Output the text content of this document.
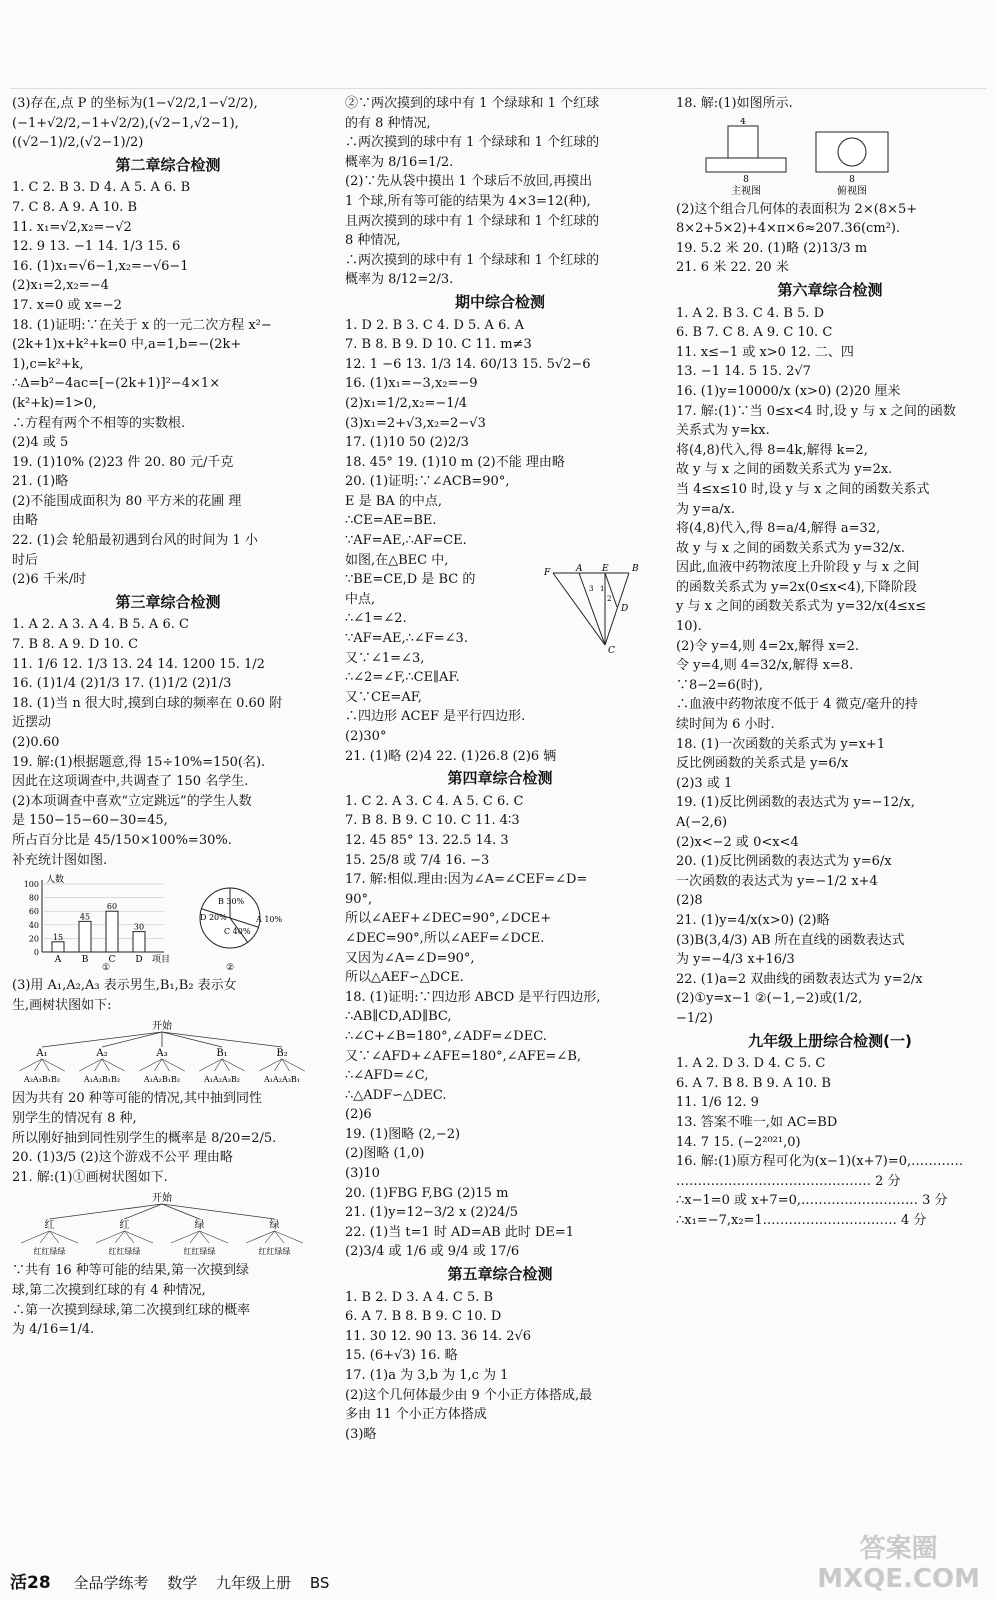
(3)存在,点 P 的坐标为(1−√2/2,1−√2/2),
(−1+√2/2,−1+√2/2),(√2−1,√2−1),
((√2−1)/2,(√2−1)/2)
第二章综合检测
1. C 2. B 3. D 4. A 5. A 6. B
7. C 8. A 9. A 10. B
11. x₁=√2,x₂=−√2
12. 9 13. −1 14. 1/3 15. 6
16. (1)x₁=√6−1,x₂=−√6−1
(2)x₁=2,x₂=−4
17. x=0 或 x=−2
18. (1)证明:∵在关于 x 的一元二次方程 x²−
(2k+1)x+k²+k=0 中,a=1,b=−(2k+
1),c=k²+k,
∴Δ=b²−4ac=[−(2k+1)]²−4×1×
(k²+k)=1>0,
∴方程有两个不相等的实数根.
(2)4 或 5
19. (1)10% (2)23 件 20. 80 元/千克
21. (1)略
(2)不能围成面积为 80 平方米的花圃 理
由略
22. (1)会 轮船最初遇到台风的时间为 1 小
时后
(2)6 千米/时
第三章综合检测
1. A 2. A 3. A 4. B 5. A 6. C
7. B 8. A 9. D 10. C
11. 1/6 12. 1/3 13. 24 14. 1200 15. 1/2
16. (1)1/4 (2)1/3 17. (1)1/2 (2)1/3
18. (1)当 n 很大时,摸到白球的频率在 0.60 附
近摆动
(2)0.60
19. 解:(1)根据题意,得 15÷10%=150(名).
因此在这项调查中,共调查了 150 名学生.
(2)本项调查中喜欢“立定跳远”的学生人数
是 150−15−60−30=45,
所占百分比是 45/150×100%=30%.
补充统计图如图.
人数
100
80
60
40
20
0
15
A
45
B
60
C
30
D 项目
①
B 30%
A 10%
C 40%
D 20%
②
(3)用 A₁,A₂,A₃ 表示男生,B₁,B₂ 表示女
生,画树状图如下:
开始
A₁
A₂A₃B₁B₂
A₂
A₁A₃B₁B₂
A₃
A₁A₂B₁B₂
B₁
A₁A₂A₃B₂
B₂
A₁A₂A₃B₁
因为共有 20 种等可能的情况,其中抽到同性
别学生的情况有 8 种,
所以刚好抽到同性别学生的概率是 8/20=2/5.
20. (1)3/5 (2)这个游戏不公平 理由略
21. 解:(1)①画树状图如下.
开始
红
红红绿绿
红
红红绿绿
绿
红红绿绿
绿
红红绿绿
∵共有 16 种等可能的结果,第一次摸到绿
球,第二次摸到红球的有 4 种情况,
∴第一次摸到绿球,第二次摸到红球的概率
为 4/16=1/4.
②∵两次摸到的球中有 1 个绿球和 1 个红球
的有 8 种情况,
∴两次摸到的球中有 1 个绿球和 1 个红球的
概率为 8/16=1/2.
(2)∵先从袋中摸出 1 个球后不放回,再摸出
1 个球,所有等可能的结果为 4×3=12(种),
且两次摸到的球中有 1 个绿球和 1 个红球的
8 种情况,
∴两次摸到的球中有 1 个绿球和 1 个红球的
概率为 8/12=2/3.
期中综合检测
1. D 2. B 3. C 4. D 5. A 6. A
7. B 8. B 9. D 10. C 11. m≠3
12. 1 −6 13. 1/3 14. 60/13 15. 5√2−6
16. (1)x₁=−3,x₂=−9
(2)x₁=1/2,x₂=−1/4
(3)x₁=2+√3,x₂=2−√3
17. (1)10 50 (2)2/3
18. 45° 19. (1)10 m (2)不能 理由略
20. (1)证明:∵∠ACB=90°,
E 是 BA 的中点,
∴CE=AE=BE.
∵AF=AE,∴AF=CE.
如图,在△BEC 中,
∵BE=CE,D 是 BC 的
中点,
∴∠1=∠2.
∵AF=AE,∴∠F=∠3.
又∵∠1=∠3,
∴∠2=∠F,∴CE∥AF.
又∵CE=AF,
∴四边形 ACEF 是平行四边形.
(2)30°
21. (1)略 (2)4 22. (1)26.8 (2)6 辆
第四章综合检测
1. C 2. A 3. C 4. A 5. C 6. C
7. B 8. B 9. C 10. C 11. 4∶3
12. 45 85° 13. 22.5 14. 3
15. 25/8 或 7/4 16. −3
17. 解:相似.理由:因为∠A=∠CEF=∠D=
90°,
所以∠AEF+∠DEC=90°,∠DCE+
∠DEC=90°,所以∠AEF=∠DCE.
又因为∠A=∠D=90°,
所以△AEF∽△DCE.
18. (1)证明:∵四边形 ABCD 是平行四边形,
∴AB∥CD,AD∥BC,
∴∠C+∠B=180°,∠ADF=∠DEC.
又∵∠AFD+∠AFE=180°,∠AFE=∠B,
∴∠AFD=∠C,
∴△ADF∽△DEC.
(2)6
19. (1)图略 (2,−2)
(2)图略 (1,0)
(3)10
20. (1)FBG F,BG (2)15 m
21. (1)y=12−3/2 x (2)24/5
22. (1)当 t=1 时 AD=AB 此时 DE=1
(2)3/4 或 1/6 或 9/4 或 17/6
第五章综合检测
1. B 2. D 3. A 4. C 5. B
6. A 7. B 8. B 9. C 10. D
11. 30 12. 90 13. 36 14. 2√6
15. (6+√3) 16. 略
17. (1)a 为 3,b 为 1,c 为 1
(2)这个几何体最少由 9 个小正方体搭成,最
多由 11 个小正方体搭成
(3)略
F	A E	B
C
D
3 1
2
18. 解:(1)如图所示.
4
8
主视图
8
俯视图
(2)这个组合几何体的表面积为 2×(8×5+
8×2+5×2)+4×π×6≈207.36(cm²).
19. 5.2 米 20. (1)略 (2)13/3 m
21. 6 米 22. 20 米
第六章综合检测
1. A 2. B 3. C 4. B 5. D
6. B 7. C 8. A 9. C 10. C
11. x≤−1 或 x>0 12. 二、四
13. −1 14. 5 15. 2√7
16. (1)y=10000/x (x>0) (2)20 厘米
17. 解:(1)∵当 0≤x<4 时,设 y 与 x 之间的函数
关系式为 y=kx.
将(4,8)代入,得 8=4k,解得 k=2,
故 y 与 x 之间的函数关系式为 y=2x.
当 4≤x≤10 时,设 y 与 x 之间的函数关系式
为 y=a/x.
将(4,8)代入,得 8=a/4,解得 a=32,
故 y 与 x 之间的函数关系式为 y=32/x.
因此,血液中药物浓度上升阶段 y 与 x 之间
的函数关系式为 y=2x(0≤x<4),下降阶段
y 与 x 之间的函数关系式为 y=32/x(4≤x≤
10).
(2)令 y=4,则 4=2x,解得 x=2.
令 y=4,则 4=32/x,解得 x=8.
∵8−2=6(时),
∴血液中药物浓度不低于 4 微克/毫升的持
续时间为 6 小时.
18. (1)一次函数的关系式为 y=x+1
反比例函数的关系式是 y=6/x
(2)3 或 1
19. (1)反比例函数的表达式为 y=−12/x,
A(−2,6)
(2)x<−2 或 0<x<4
20. (1)反比例函数的表达式为 y=6/x
一次函数的表达式为 y=−1/2 x+4
(2)8
21. (1)y=4/x(x>0) (2)略
(3)B(3,4/3) AB 所在直线的函数表达式
为 y=−4/3 x+16/3
22. (1)a=2 双曲线的函数表达式为 y=2/x
(2)①y=x−1 ②(−1,−2)或(1/2,
−1/2)
九年级上册综合检测(一)
1. A 2. D 3. D 4. C 5. C
6. A 7. B 8. B 9. A 10. B
11. 1/6 12. 9
13. 答案不唯一,如 AC=BD
14. 7 15. (−2²⁰²¹,0)
16. 解:(1)原方程可化为(x−1)(x+7)=0,…………
……………………………………… 2 分
∴x−1=0 或 x+7=0,……………………… 3 分
∴x₁=−7,x₂=1.………………………… 4 分
活28 全品学练考 数学 九年级上册 BS
答案圈
MXQE.COM
